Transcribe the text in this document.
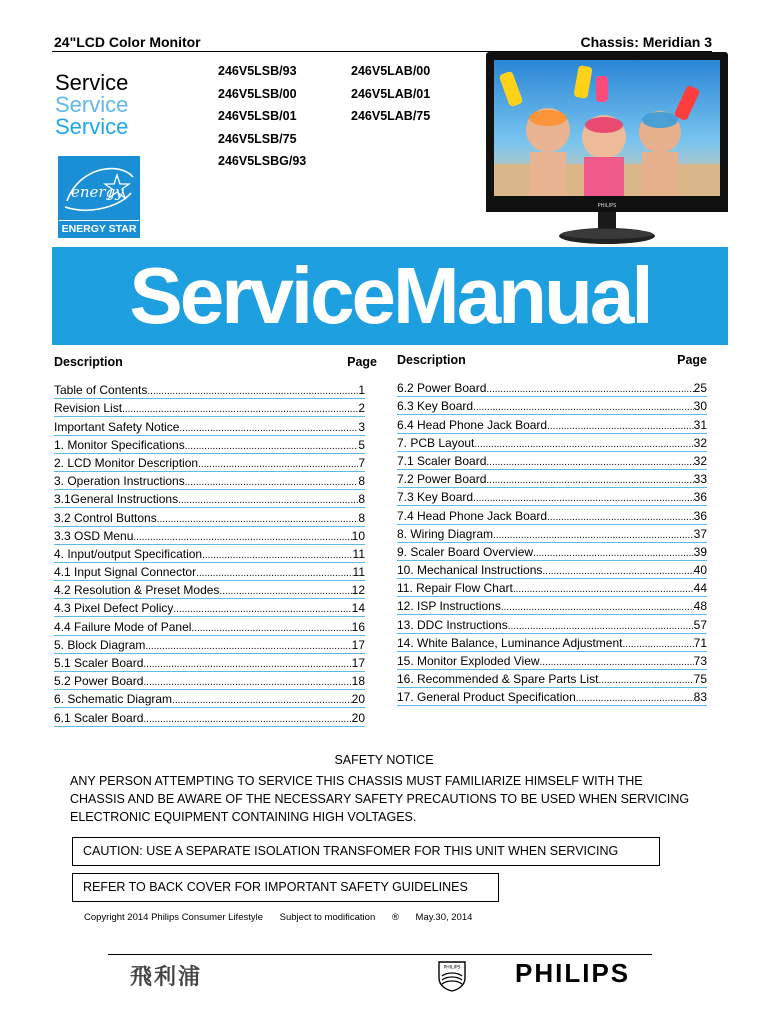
24"LCD Color Monitor	Chassis: Meridian 3
Service
Service
Service
246V5LSB/93
246V5LSB/00
246V5LSB/01
246V5LSB/75
246V5LSBG/93
246V5LAB/00
246V5LAB/01
246V5LAB/75
energy
ENERGY STAR
PHILIPS
ServiceManual
Description	Page
Table of Contents .....	1
Revision List .....	2
Important Safety Notice .....	3
1. Monitor Specifications .....	5
2. LCD Monitor Description .....	7
3. Operation Instructions .....	8
3.1General Instructions .....	8
3.2 Control Buttons .....	8
3.3 OSD Menu .....	10
4. Input/output Specification .....	11
4.1 Input Signal Connector .....	11
4.2 Resolution & Preset Modes .....	12
4.3 Pixel Defect Policy .....	14
4.4 Failure Mode of Panel .....	16
5. Block Diagram .....	17
5.1 Scaler Board .....	17
5.2 Power Board .....	18
6. Schematic Diagram .....	20
6.1 Scaler Board .....	20
Description	Page
6.2 Power Board .....	25
6.3 Key Board .....	30
6.4 Head Phone Jack Board .....	31
7. PCB Layout .....	32
7.1 Scaler Board .....	32
7.2 Power Board .....	33
7.3 Key Board .....	36
7.4 Head Phone Jack Board .....	36
8. Wiring Diagram .....	37
9. Scaler Board Overview .....	39
10. Mechanical Instructions .....	40
11. Repair Flow Chart .....	44
12. ISP Instructions .....	48
13. DDC Instructions .....	57
14. White Balance, Luminance Adjustment .....	71
15. Monitor Exploded View .....	73
16. Recommended & Spare Parts List .....	75
17. General Product Specification .....	83
SAFETY NOTICE
ANY PERSON ATTEMPTING TO SERVICE THIS CHASSIS MUST FAMILIARIZE HIMSELF WITH THE CHASSIS AND BE AWARE OF THE NECESSARY SAFETY PRECAUTIONS TO BE USED WHEN SERVICING ELECTRONIC EQUIPMENT CONTAINING HIGH VOLTAGES.
CAUTION: USE A SEPARATE ISOLATION TRANSFOMER FOR THIS UNIT WHEN SERVICING
REFER TO BACK COVER FOR IMPORTANT SAFETY GUIDELINES
Copyright 2014 Philips Consumer Lifestyle Subject to modification ® May.30, 2014
飛利浦	PHILIPS PHILIPS
